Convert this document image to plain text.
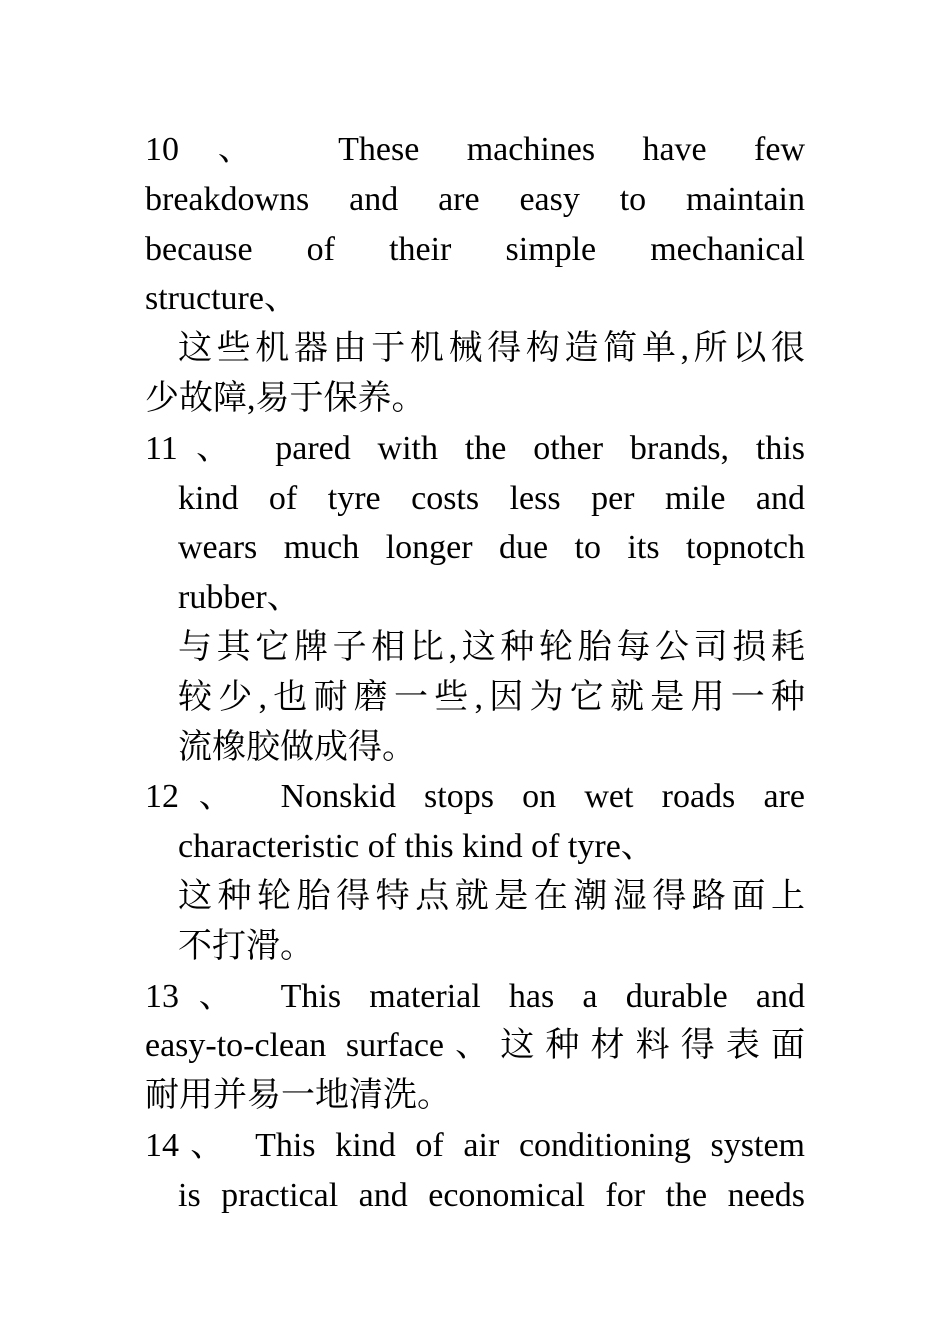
10、 These machines have few
breakdowns and are easy to maintain
because of their simple mechanical
structure、
这些机器由于机械得构造简单,所以很
少故障,易于保养。
11、 pared with the other brands, this
kind of tyre costs less per mile and
wears much longer due to its topnotch
rubber、
与其它牌子相比,这种轮胎每公司损耗
较少,也耐磨一些,因为它就是用一种
流橡胶做成得。
12、 Nonskid stops on wet roads are
characteristic of this kind of tyre、
这种轮胎得特点就是在潮湿得路面上
不打滑。
13、 This material has a durable and
easy-to-clean surface、这种材料得表面
耐用并易一地清洗。
14、 This kind of air conditioning system
is practical and economical for the needs
